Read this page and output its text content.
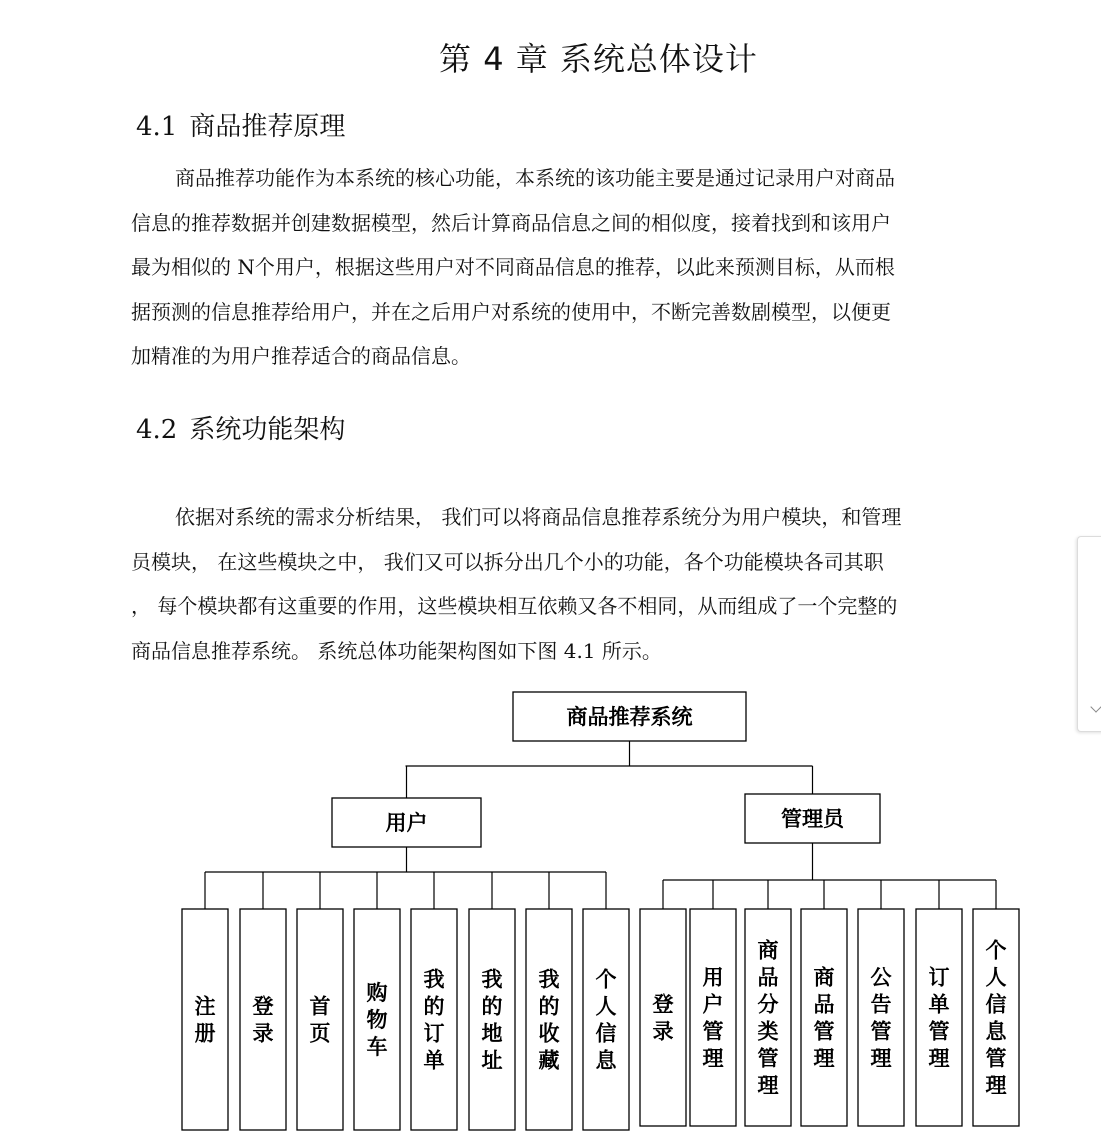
第 4 章 系统总体设计
4.1 商品推荐原理

商品推荐功能作为本系统的核心功能，本系统的该功能主要是通过记录用户对商品
信息的推荐数据并创建数据模型，然后计算商品信息之间的相似度，接着找到和该用户
最为相似的 N个用户，根据这些用户对不同商品信息的推荐，以此来预测目标，从而根
据预测的信息推荐给用户，并在之后用户对系统的使用中，不断完善数剧模型，以便更
加精准的为用户推荐适合的商品信息。

4.2 系统功能架构

依据对系统的需求分析结果， 我们可以将商品信息推荐系统分为用户模块，和管理
员模块， 在这些模块之中， 我们又可以拆分出几个小的功能，各个功能模块各司其职
， 每个模块都有这重要的作用，这些模块相互依赖又各不相同，从而组成了一个完整的
商品信息推荐系统。 系统总体功能架构图如下图 4.1 所示。

商品推荐系统
用户
注
册
登
录
首
页
购
物
车
我
的
订
单
我
的
地
址
我
的
收
藏
个
人
信
息
管理员
登
录
用
户
管
理
商
品
分
类
管
理
商
品
管
理
公
告
管
理
订
单
管
理
个
人
信
息
管
理
